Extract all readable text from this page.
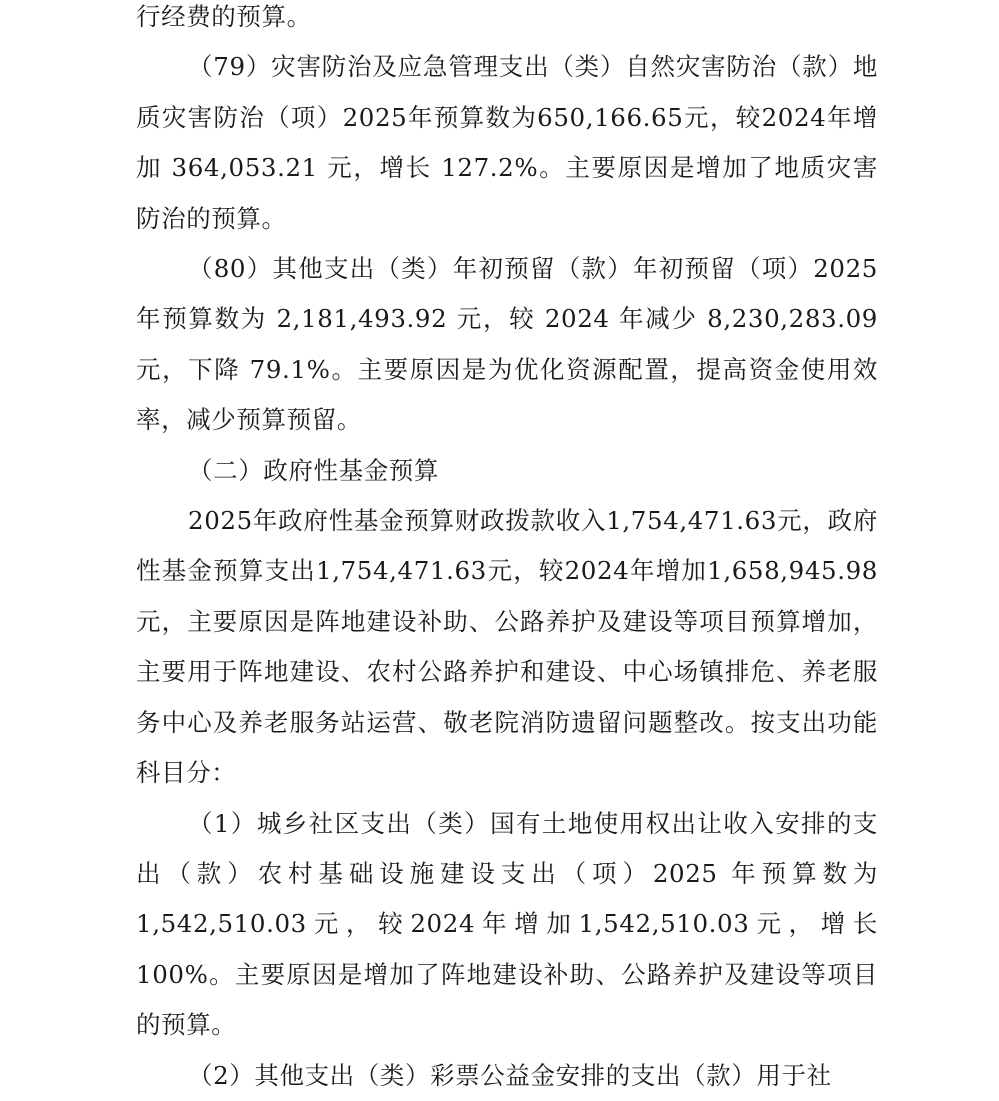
行经费的预算。

（79）灾害防治及应急管理支出（类）自然灾害防治（款）地质灾害防治（项）2025年预算数为650,166.65元，较2024年增加 364,053.21 元，增长 127.2%。主要原因是增加了地质灾害防治的预算。

（80）其他支出（类）年初预留（款）年初预留（项）2025 年预算数为 2,181,493.92 元，较 2024 年减少 8,230,283.09元，下降 79.1%。主要原因是为优化资源配置，提高资金使用效率，减少预算预留。

（二）政府性基金预算

2025年政府性基金预算财政拨款收入1,754,471.63元，政府性基金预算支出1,754,471.63元，较2024年增加1,658,945.98元，主要原因是阵地建设补助、公路养护及建设等项目预算增加，主要用于阵地建设、农村公路养护和建设、中心场镇排危、养老服务中心及养老服务站运营、敬老院消防遗留问题整改。按支出功能科目分：

（1）城乡社区支出（类）国有土地使用权出让收入安排的支出（款）农村基础设施建设支出（项）2025 年预算数为1,542,510.03元，较2024年增加1,542,510.03元，增长100%。主要原因是增加了阵地建设补助、公路养护及建设等项目的预算。

（2）其他支出（类）彩票公益金安排的支出（款）用于社
